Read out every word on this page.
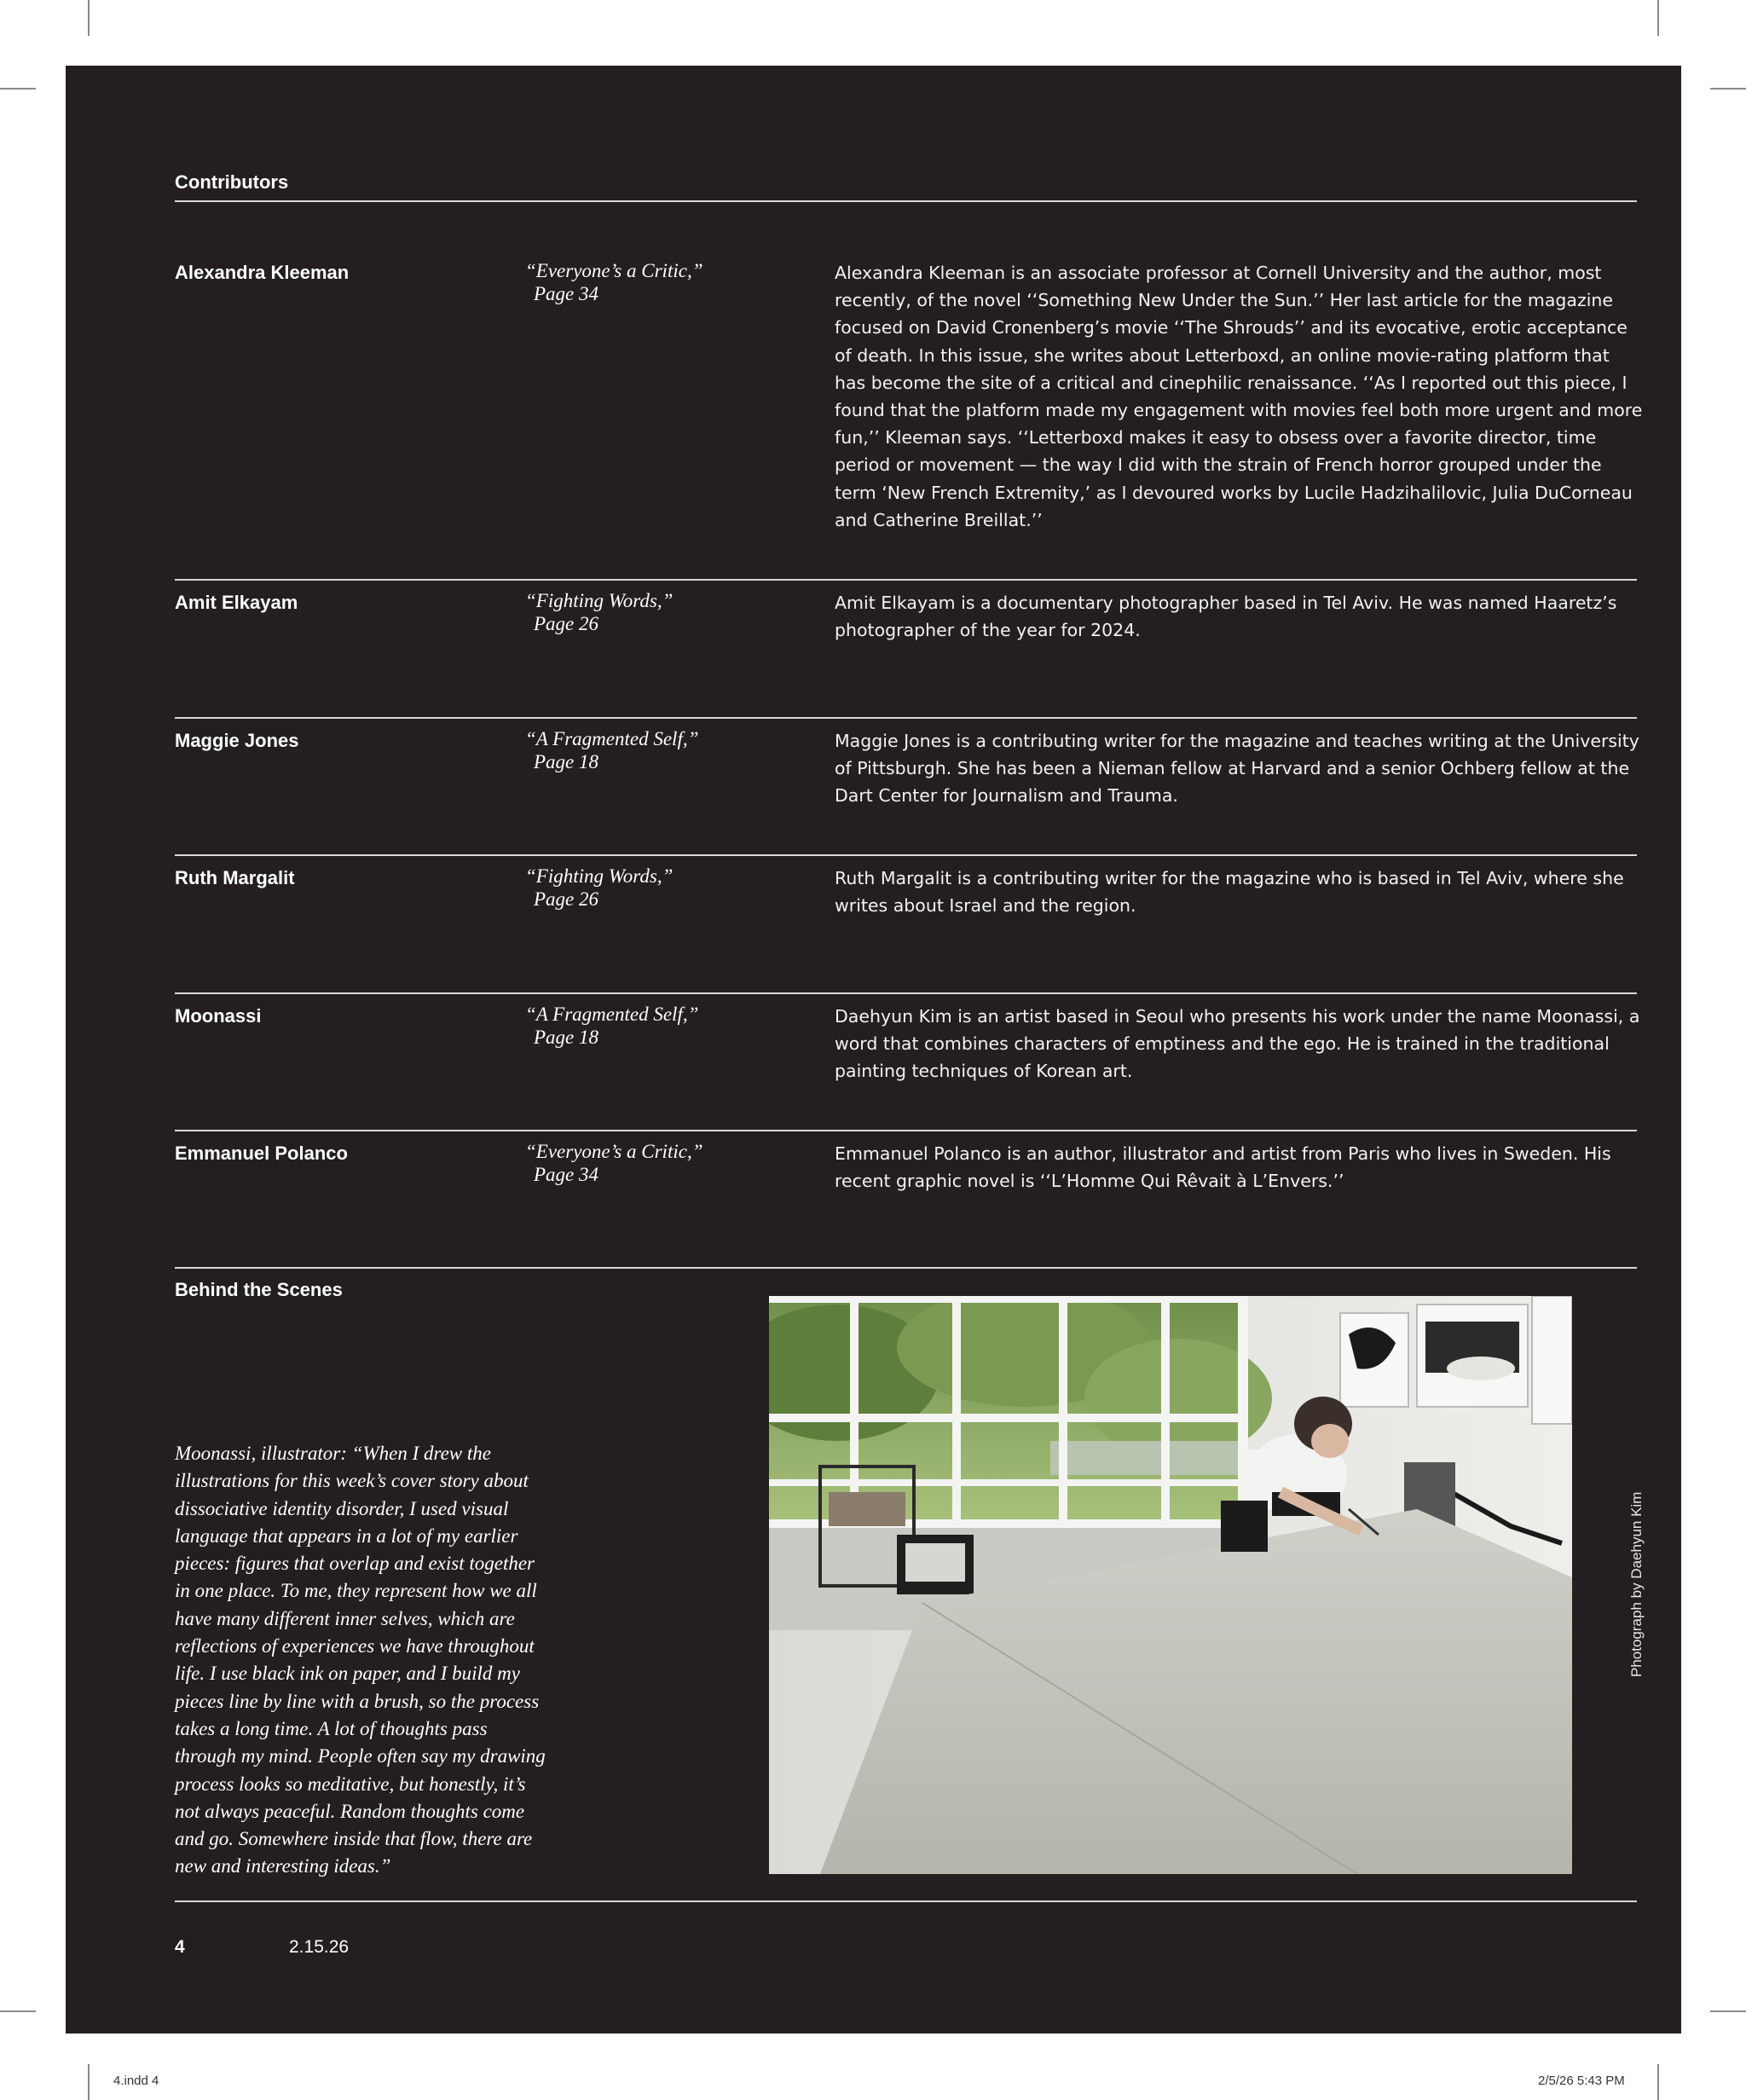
Contributors
Alexandra Kleeman	“Everyone’s a Critic,”
Page 34
Alexandra Kleeman is an associate professor at Cornell University and the author, most recently, of the novel ‘‘Something New Under the Sun.’’ Her last article for the magazine focused on David Cronenberg’s movie ‘‘The Shrouds’’ and its evocative, erotic acceptance of death. In this issue, she writes about Letterboxd, an online movie-rating platform that has become the site of a critical and cinephilic renaissance. ‘‘As I reported out this piece, I found that the platform made my engagement with movies feel both more urgent and more fun,’’ Kleeman says. ‘‘Letterboxd makes it easy to obsess over a favorite director, time period or movement — the way I did with the strain of French horror grouped under the term ‘New French Extremity,’ as I devoured works by Lucile Hadzihalilovic, Julia DuCorneau and Catherine Breillat.’’
Amit Elkayam	“Fighting Words,”
Page 26
Amit Elkayam is a documentary photographer based in Tel Aviv. He was named Haaretz’s photographer of the year for 2024.
Maggie Jones	“A Fragmented Self,”
Page 18
Maggie Jones is a contributing writer for the magazine and teaches writing at the University of Pittsburgh. She has been a Nieman fellow at Harvard and a senior Ochberg fellow at the Dart Center for Journalism and Trauma.
Ruth Margalit	“Fighting Words,”
Page 26
Ruth Margalit is a contributing writer for the magazine who is based in Tel Aviv, where she writes about Israel and the region.
Moonassi	“A Fragmented Self,”
Page 18
Daehyun Kim is an artist based in Seoul who presents his work under the name Moonassi, a word that combines characters of emptiness and the ego. He is trained in the traditional painting techniques of Korean art.
Emmanuel Polanco	“Everyone’s a Critic,”
Page 34
Emmanuel Polanco is an author, illustrator and artist from Paris who lives in Sweden. His recent graphic novel is ‘‘L’Homme Qui Rêvait à L’Envers.’’
Behind the Scenes
Moonassi, illustrator: “When I drew the illustrations for this week’s cover story about dissociative identity disorder, I used visual language that appears in a lot of my earlier pieces: figures that overlap and exist together in one place. To me, they represent how we all have many different inner selves, which are reflections of experiences we have throughout life. I use black ink on paper, and I build my pieces line by line with a brush, so the process takes a long time. A lot of thoughts pass through my mind. People often say my drawing process looks so meditative, but honestly, it’s not always peaceful. Random thoughts come and go. Somewhere inside that flow, there are new and interesting ideas.”
Photograph by Daehyun Kim
4	2.15.26
4.indd 4	2/5/26 5:43 PM
